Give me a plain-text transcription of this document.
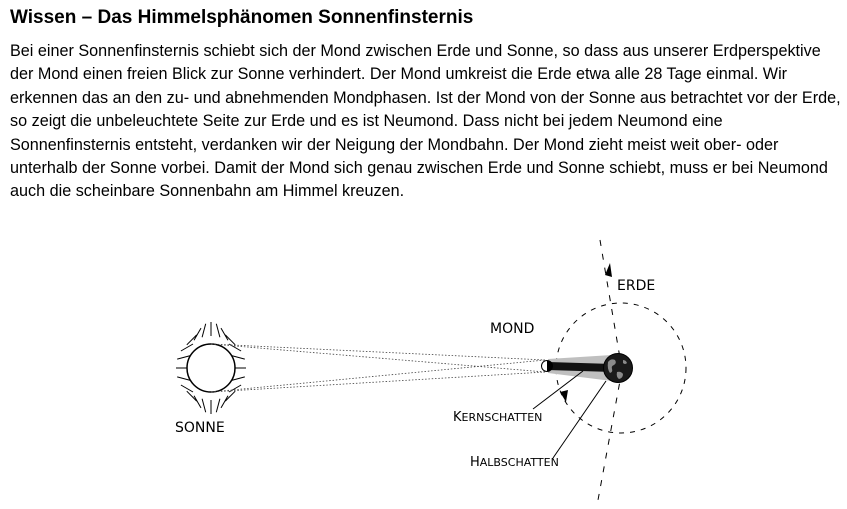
Wissen – Das Himmelsphänomen Sonnenfinsternis

Bei einer Sonnenfinsternis schiebt sich der Mond zwischen Erde und Sonne, so dass aus unserer Erdperspektive der Mond einen freien Blick zur Sonne verhindert. Der Mond umkreist die Erde etwa alle 28 Tage einmal. Wir erkennen das an den zu- und abnehmenden Mondphasen. Ist der Mond von der Sonne aus betrachtet vor der Erde, so zeigt die unbeleuchtete Seite zur Erde und es ist Neumond. Dass nicht bei jedem Neumond eine Sonnenfinsternis entsteht, verdanken wir der Neigung der Mondbahn. Der Mond zieht meist weit ober- oder unterhalb der Sonne vorbei. Damit der Mond sich genau zwischen Erde und Sonne schiebt, muss er bei Neumond auch die scheinbare Sonnenbahn am Himmel kreuzen.

SONNE
MOND
ERDE
KERNSCHATTEN
HALBSCHATTEN
